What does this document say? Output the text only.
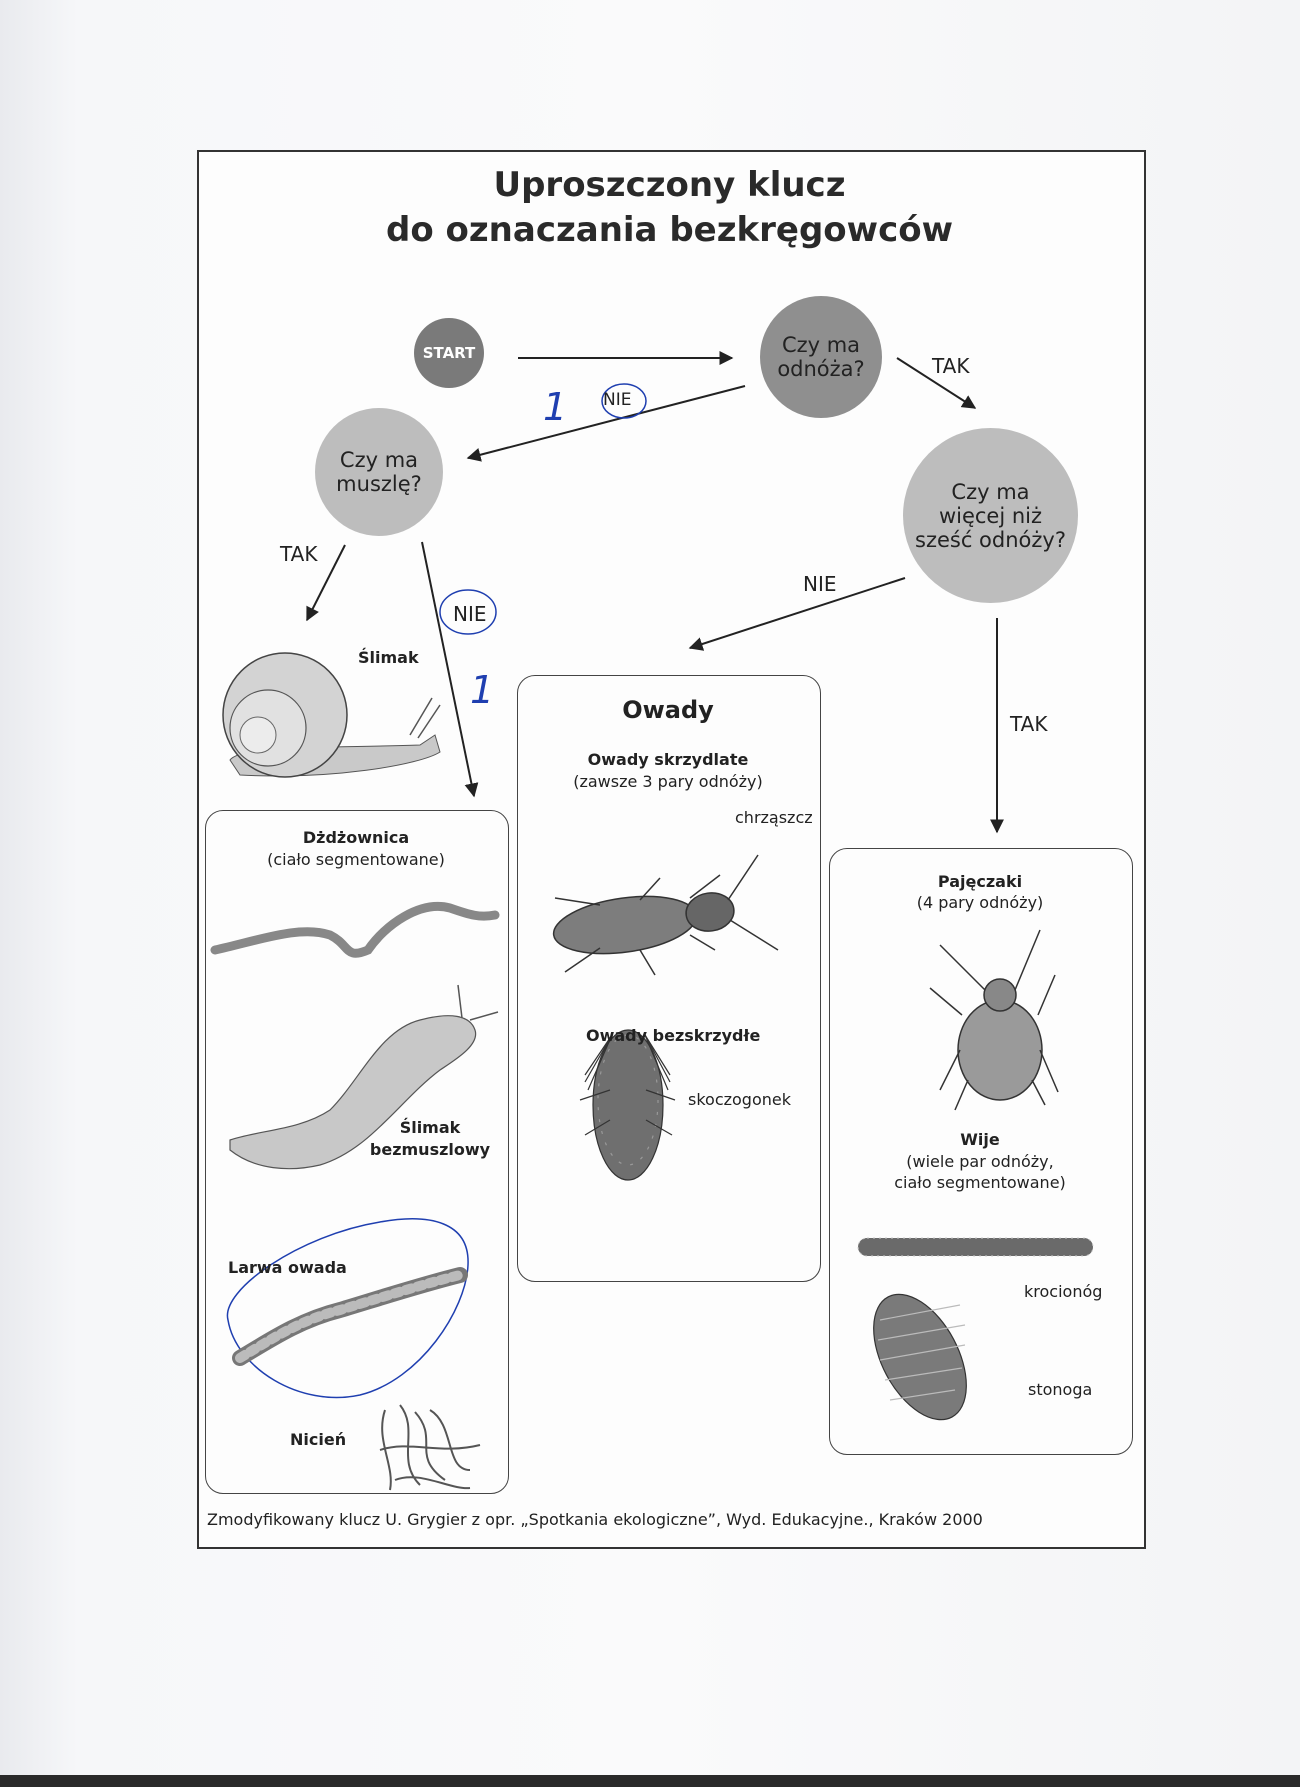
Uproszczony klucz
do oznaczania bezkręgowców
START	Czy ma
odnóża?
Czy ma
muszlę?	Czy ma
więcej niż
sześć odnóży?
TAK
NIE
TAK
NIE
NIE
TAK
1
1
Ślimak
Dżdżownica
(ciało segmentowane)
Ślimak
bezmuszlowy
Larwa owada
Nicień
Owady
Owady skrzydlate
(zawsze 3 pary odnóży)
chrząszcz
Owady bezskrzydłe
skoczogonek
Pajęczaki
(4 pary odnóży)
Wije
(wiele par odnóży,
ciało segmentowane)
krocionóg
stonoga
Zmodyfikowany klucz U. Grygier z opr. „Spotkania ekologiczne”, Wyd. Edukacyjne., Kraków 2000
